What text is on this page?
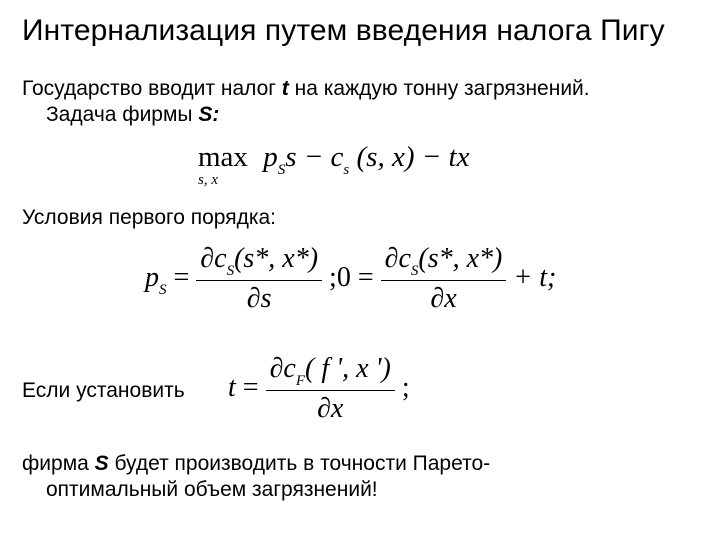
Интернализация путем введения налога Пигу
Государство вводит налог t на каждую тонну загрязнений.
Задача фирмы S:
max
s, x
$p_Ss - c_s$ (s, x) − tx
Условия первого порядка:
$p_S = \frac{\partial c_S(s*, x*)}{\partial s}$ ;0 = $\frac{\partial c_S(s*, x*)}{\partial x} + t$;
Если установить $t = \frac{\partial c_F( f ', x ')}{\partial x}$ ;
фирма S будет производить в точности Парето-
оптимальный объем загрязнений!
